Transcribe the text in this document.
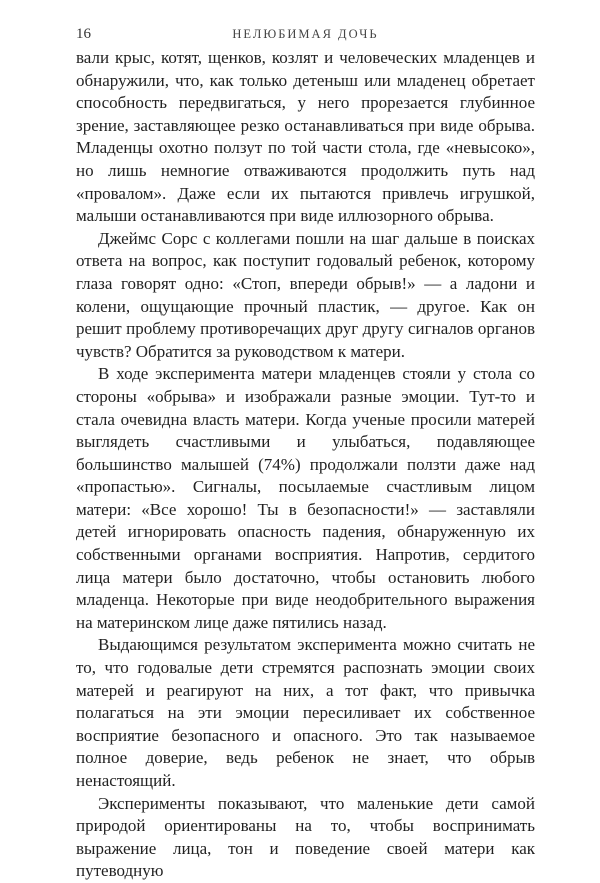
16	НЕЛЮБИМАЯ ДОЧЬ

вали крыс, котят, щенков, козлят и человеческих младенцев и обнаружили, что, как только детеныш или младенец обретает способность передвигаться, у него прорезается глубинное зрение, заставляющее резко останавливаться при виде обрыва. Младенцы охотно ползут по той части стола, где «невысоко», но лишь немногие отваживаются продолжить путь над «провалом». Даже если их пытаются привлечь игрушкой, малыши останавливаются при виде иллюзорного обрыва.

Джеймс Сорс с коллегами пошли на шаг дальше в поисках ответа на вопрос, как поступит годовалый ребенок, которому глаза говорят одно: «Стоп, впереди обрыв!» — а ладони и колени, ощущающие прочный пластик, — другое. Как он решит проблему противоречащих друг другу сигналов органов чувств? Обратится за руководством к матери.

В ходе эксперимента матери младенцев стояли у стола со стороны «обрыва» и изображали разные эмоции. Тут-то и стала очевидна власть матери. Когда ученые просили матерей выглядеть счастливыми и улыбаться, подавляющее большинство малышей (74%) продолжали ползти даже над «пропастью». Сигналы, посылаемые счастливым лицом матери: «Все хорошо! Ты в безопасности!» — заставляли детей игнорировать опасность падения, обнаруженную их собственными органами восприятия. Напротив, сердитого лица матери было достаточно, чтобы остановить любого младенца. Некоторые при виде неодобрительного выражения на материнском лице даже пятились назад.

Выдающимся результатом эксперимента можно считать не то, что годовалые дети стремятся распознать эмоции своих матерей и реагируют на них, а тот факт, что привычка полагаться на эти эмоции пересиливает их собственное восприятие безопасного и опасного. Это так называемое полное доверие, ведь ребенок не знает, что обрыв ненастоящий.

Эксперименты показывают, что маленькие дети самой природой ориентированы на то, чтобы воспринимать выражение лица, тон и поведение своей матери как путеводную
